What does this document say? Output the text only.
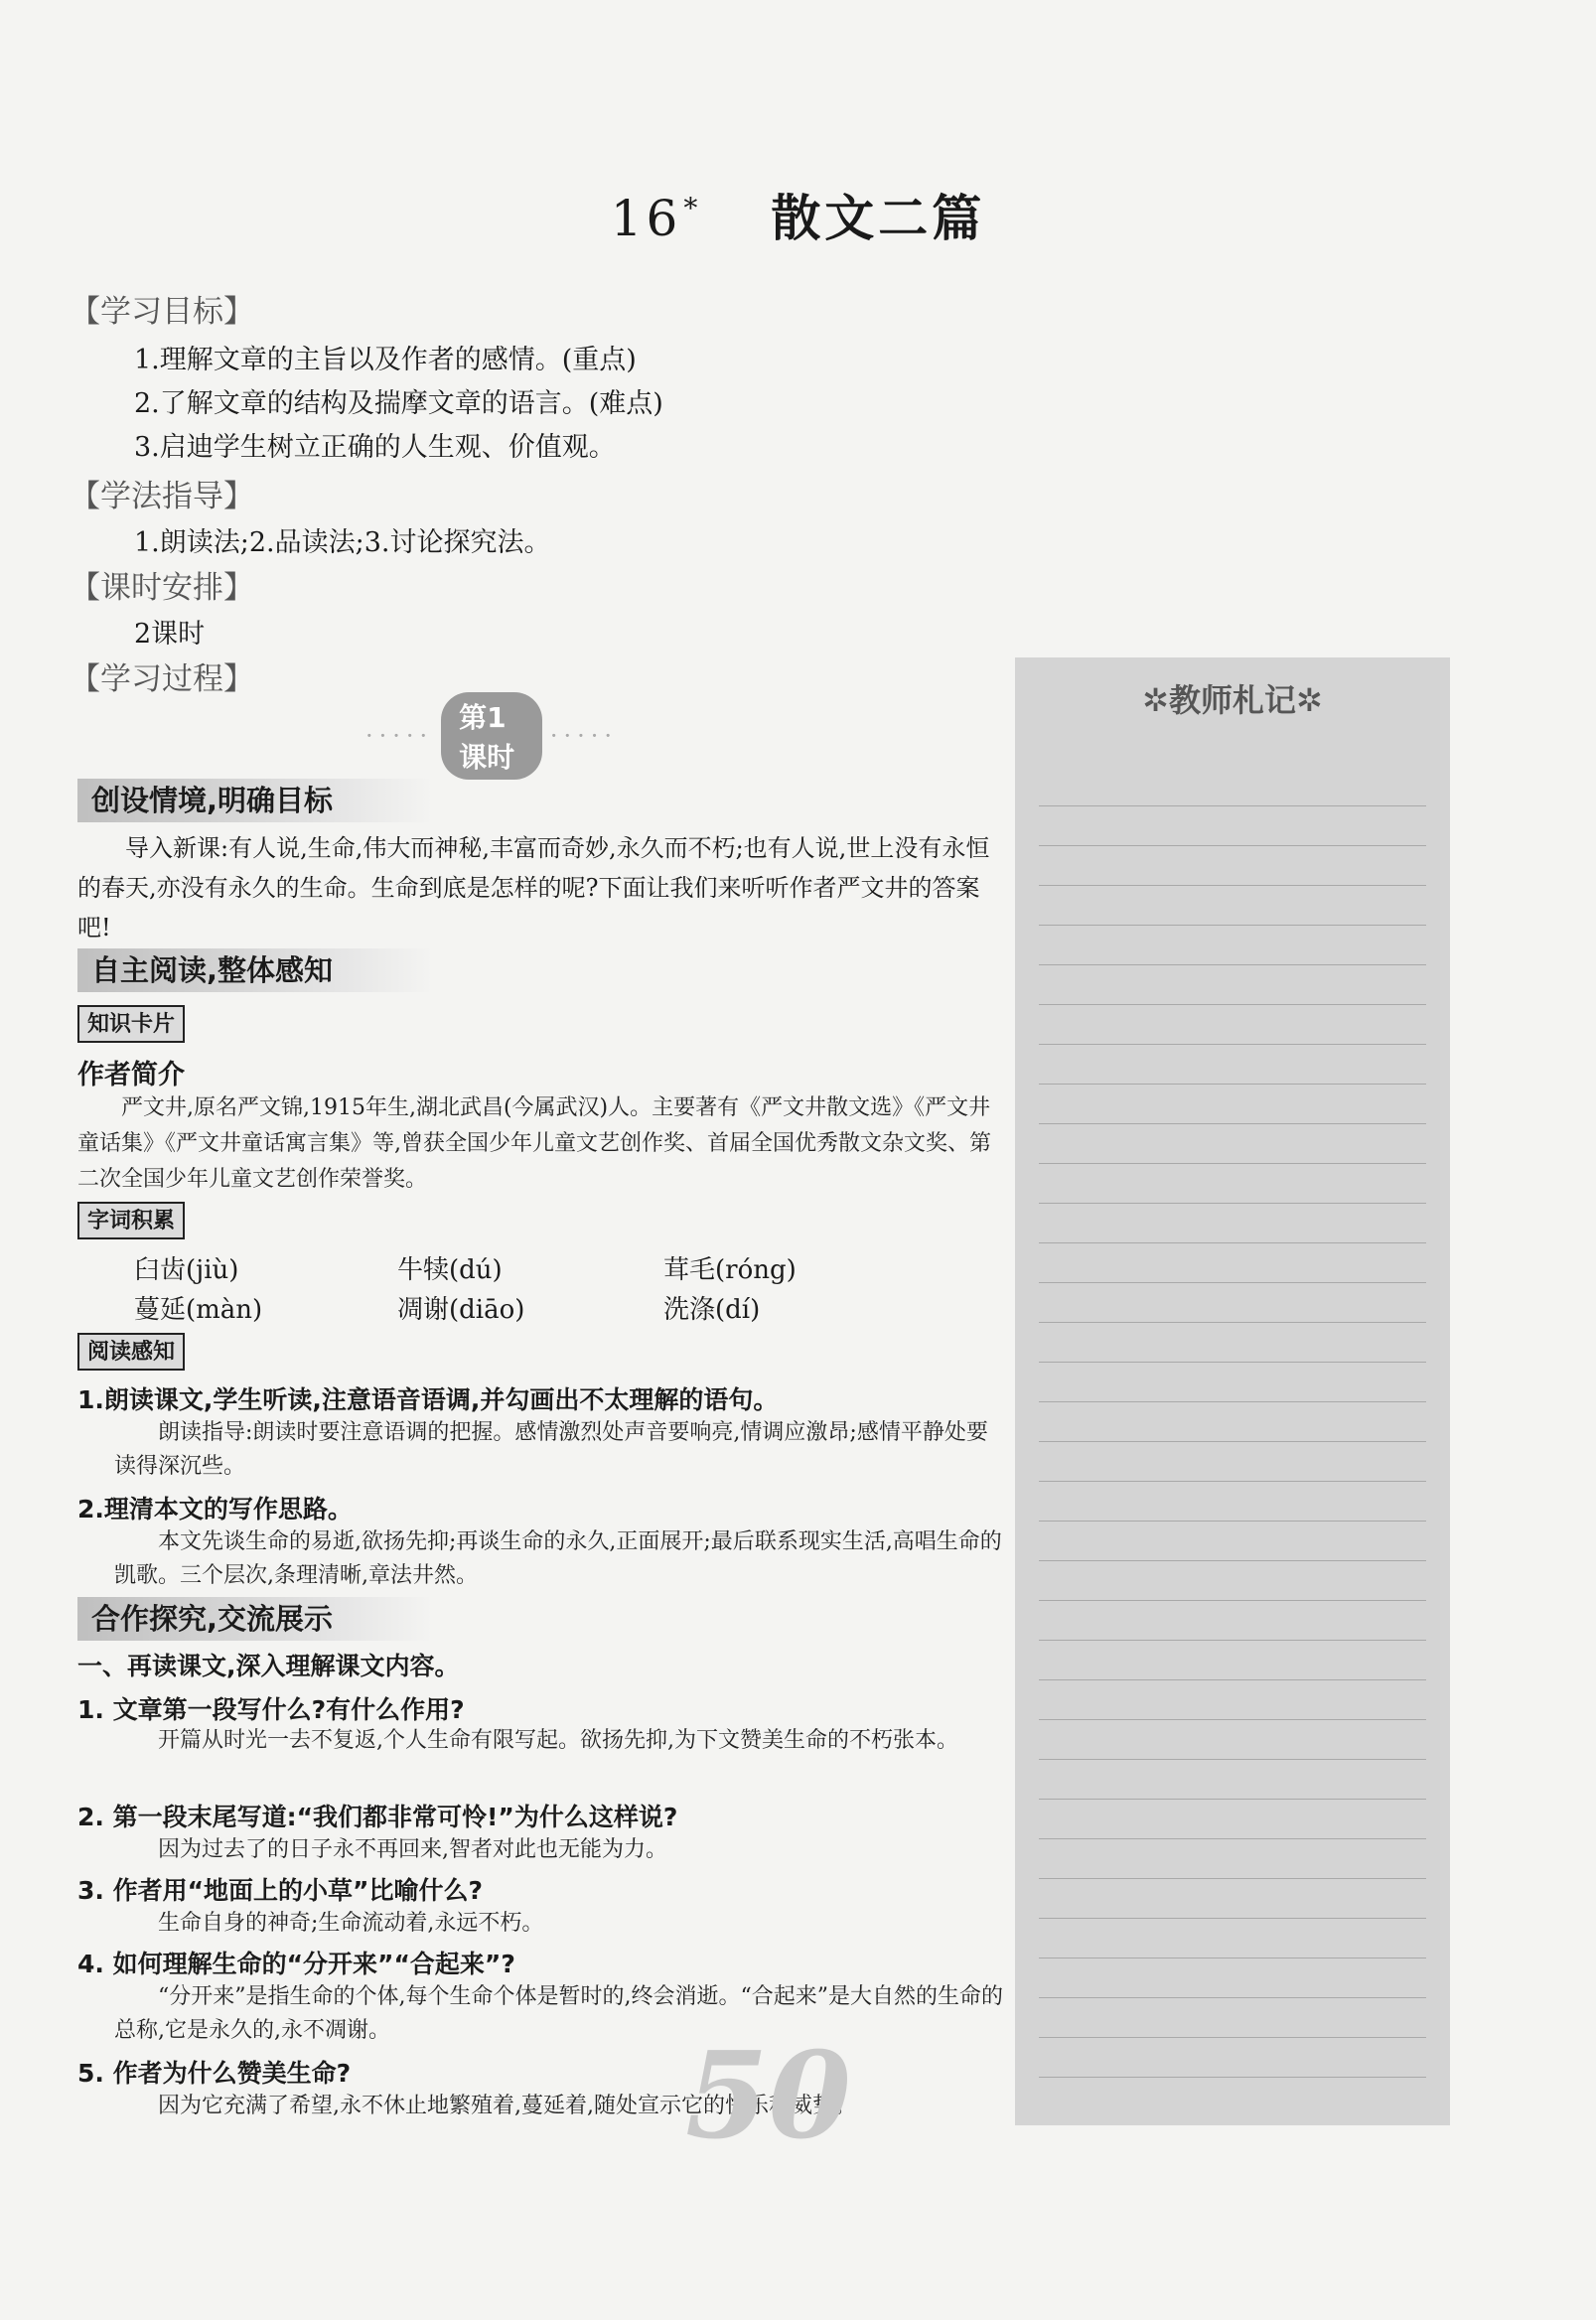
16* 散文二篇
【学习目标】
1.理解文章的主旨以及作者的感情。(重点)
2.了解文章的结构及揣摩文章的语言。(难点)
3.启迪学生树立正确的人生观、价值观。
【学法指导】
1.朗读法;2.品读法;3.讨论探究法。
【课时安排】
2课时
【学习过程】
·····
第1课时
·····
创设情境,明确目标
导入新课:有人说,生命,伟大而神秘,丰富而奇妙,永久而不朽;也有人说,世上没有永恒的春天,亦没有永久的生命。生命到底是怎样的呢?下面让我们来听听作者严文井的答案吧!
自主阅读,整体感知
知识卡片
作者简介
严文井,原名严文锦,1915年生,湖北武昌(今属武汉)人。主要著有《严文井散文选》《严文井童话集》《严文井童话寓言集》等,曾获全国少年儿童文艺创作奖、首届全国优秀散文杂文奖、第二次全国少年儿童文艺创作荣誉奖。
字词积累
臼齿(jiù)	牛犊(dú)	茸毛(róng)
蔓延(màn)	凋谢(diāo)	洗涤(dí)
阅读感知
1.朗读课文,学生听读,注意语音语调,并勾画出不太理解的语句。
朗读指导:朗读时要注意语调的把握。感情激烈处声音要响亮,情调应激昂;感情平静处要读得深沉些。
2.理清本文的写作思路。
本文先谈生命的易逝,欲扬先抑;再谈生命的永久,正面展开;最后联系现实生活,高唱生命的凯歌。三个层次,条理清晰,章法井然。
合作探究,交流展示
一、再读课文,深入理解课文内容。
1. 文章第一段写什么?有什么作用?
开篇从时光一去不复返,个人生命有限写起。欲扬先抑,为下文赞美生命的不朽张本。
2. 第一段末尾写道:“我们都非常可怜!”为什么这样说?
因为过去了的日子永不再回来,智者对此也无能为力。
3. 作者用“地面上的小草”比喻什么?
生命自身的神奇;生命流动着,永远不朽。
4. 如何理解生命的“分开来”“合起来”?
“分开来”是指生命的个体,每个生命个体是暂时的,终会消逝。“合起来”是大自然的生命的总称,它是永久的,永不凋谢。
5. 作者为什么赞美生命?
因为它充满了希望,永不休止地繁殖着,蔓延着,随处宣示它的快乐和威势。
✲教师札记✲
50
